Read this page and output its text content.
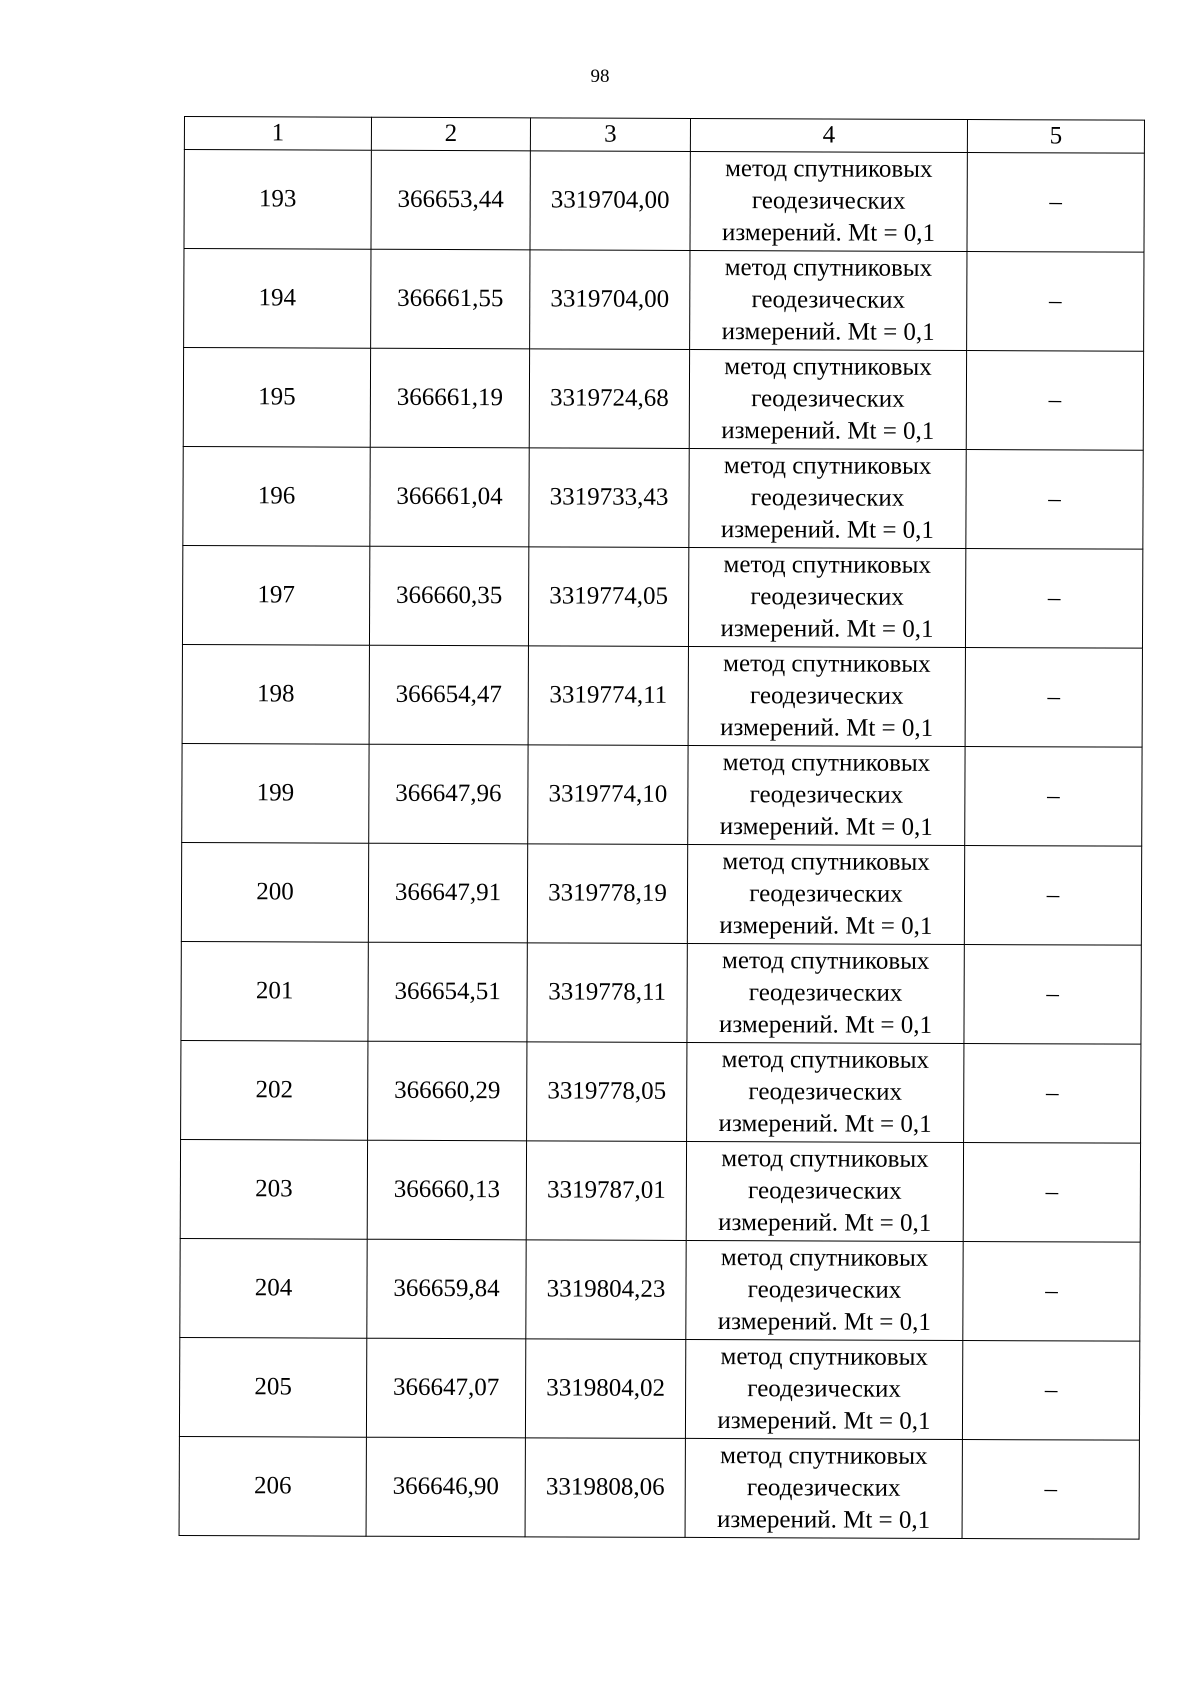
98
1	2	3	4	5
193	366653,44	3319704,00	метод спутниковых
геодезических
измерений. Mt = 0,1	–
194	366661,55	3319704,00	метод спутниковых
геодезических
измерений. Mt = 0,1	–
195	366661,19	3319724,68	метод спутниковых
геодезических
измерений. Mt = 0,1	–
196	366661,04	3319733,43	метод спутниковых
геодезических
измерений. Mt = 0,1	–
197	366660,35	3319774,05	метод спутниковых
геодезических
измерений. Mt = 0,1	–
198	366654,47	3319774,11	метод спутниковых
геодезических
измерений. Mt = 0,1	–
199	366647,96	3319774,10	метод спутниковых
геодезических
измерений. Mt = 0,1	–
200	366647,91	3319778,19	метод спутниковых
геодезических
измерений. Mt = 0,1	–
201	366654,51	3319778,11	метод спутниковых
геодезических
измерений. Mt = 0,1	–
202	366660,29	3319778,05	метод спутниковых
геодезических
измерений. Mt = 0,1	–
203	366660,13	3319787,01	метод спутниковых
геодезических
измерений. Mt = 0,1	–
204	366659,84	3319804,23	метод спутниковых
геодезических
измерений. Mt = 0,1	–
205	366647,07	3319804,02	метод спутниковых
геодезических
измерений. Mt = 0,1	–
206	366646,90	3319808,06	метод спутниковых
геодезических
измерений. Mt = 0,1	–
